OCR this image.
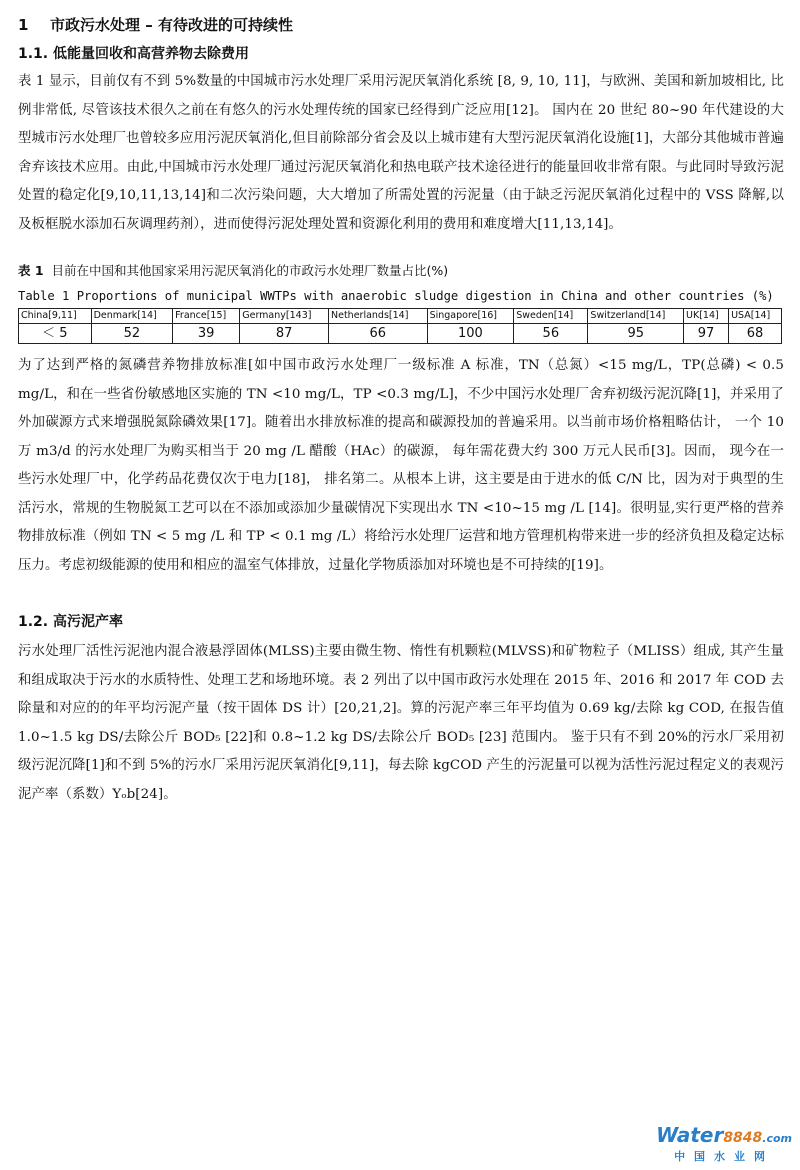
1 市政污水处理 – 有待改进的可持续性
1.1. 低能量回收和高营养物去除费用

表 1 显示，目前仅有不到 5%数量的中国城市污水处理厂采用污泥厌氧消化系统 [8, 9, 10, 11]，与欧洲、美国和新加坡相比, 比例非常低, 尽管该技术很久之前在有悠久的污水处理传统的国家已经得到广泛应用[12]。 国内在 20 世纪 80~90 年代建设的大型城市污水处理厂也曾较多应用污泥厌氧消化,但目前除部分省会及以上城市建有大型污泥厌氧消化设施[1]，大部分其他城市普遍舍弃该技术应用。由此,中国城市污水处理厂通过污泥厌氧消化和热电联产技术途径进行的能量回收非常有限。与此同时导致污泥处置的稳定化[9,10,11,13,14]和二次污染问题，大大增加了所需处置的污泥量（由于缺乏污泥厌氧消化过程中的 VSS 降解,以及板框脱水添加石灰调理药剂），进而使得污泥处理处置和资源化利用的费用和难度增大[11,13,14]。

表 1 目前在中国和其他国家采用污泥厌氧消化的市政污水处理厂数量占比(%)

Table 1 Proportions of municipal WWTPs with anaerobic sludge digestion in China and other countries (%)

China[9,11]	Denmark[14]	France[15]	Germany[143]	Netherlands[14]	Singapore[16]	Sweden[14]	Switzerland[14]	UK[14]	USA[14]
＜ 5	52	39	87	66	100	56	95	97	68

为了达到严格的氮磷营养物排放标准[如中国市政污水处理厂一级标准 A 标准，TN（总氮）<15 mg/L，TP(总磷) < 0.5 mg/L，和在一些省份敏感地区实施的 TN <10 mg/L，TP <0.3 mg/L]，不少中国污水处理厂舍弃初级污泥沉降[1]，并采用了外加碳源方式来增强脱氮除磷效果[17]。随着出水排放标准的提高和碳源投加的普遍采用。以当前市场价格粗略估计， 一个 10 万 m3/d 的污水处理厂为购买相当于 20 mg /L 醋酸（HAc）的碳源， 每年需花费大约 300 万元人民币[3]。因而， 现今在一些污水处理厂中，化学药品花费仅次于电力[18]， 排名第二。从根本上讲，这主要是由于进水的低 C/N 比，因为对于典型的生活污水，常规的生物脱氮工艺可以在不添加或添加少量碳情况下实现出水 TN <10~15 mg /L [14]。很明显,实行更严格的营养物排放标准（例如 TN < 5 mg /L 和 TP < 0.1 mg /L）将给污水处理厂运营和地方管理机构带来进一步的经济负担及稳定达标压力。考虑初级能源的使用和相应的温室气体排放，过量化学物质添加对环境也是不可持续的[19]。

1.2. 高污泥产率

污水处理厂活性污泥池内混合液悬浮固体(MLSS)主要由微生物、惰性有机颗粒(MLVSS)和矿物粒子（MLISS）组成, 其产生量和组成取决于污水的水质特性、处理工艺和场地环境。表 2 列出了以中国市政污水处理在 2015 年、2016 和 2017 年 COD 去除量和对应的的年平均污泥产量（按干固体 DS 计）[20,21,2]。算的污泥产率三年平均值为 0.69 kg/去除 kg COD, 在报告值 1.0~1.5 kg DS/去除公斤 BOD₅ [22]和 0.8~1.2 kg DS/去除公斤 BOD₅ [23] 范围内。 鉴于只有不到 20%的污水厂采用初级污泥沉降[1]和不到 5%的污水厂采用污泥厌氧消化[9,11]，每去除 kgCOD 产生的污泥量可以视为活性污泥过程定义的表观污泥产率（系数）Yₒb[24]。

Water8848.com
中国水业网
